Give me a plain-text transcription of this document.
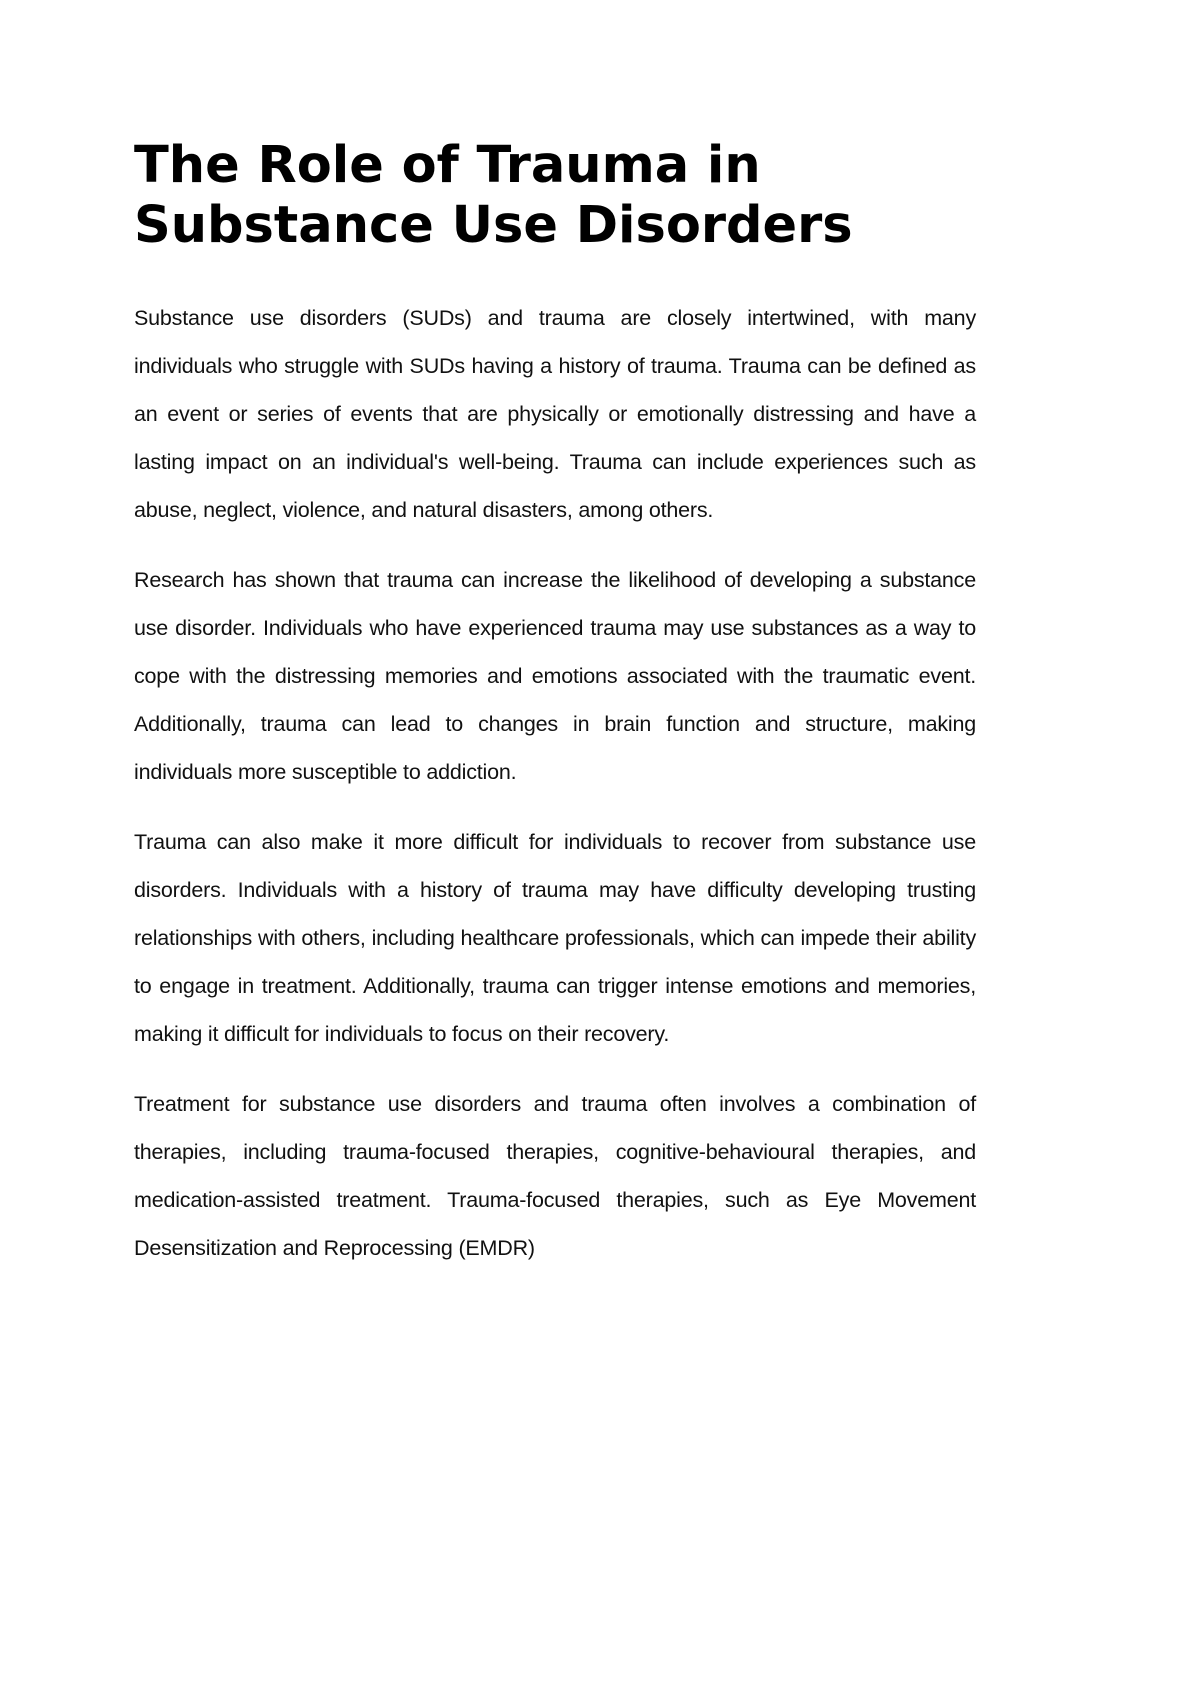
The Role of Trauma in Substance Use Disorders

Substance use disorders (SUDs) and trauma are closely intertwined, with many individuals who struggle with SUDs having a history of trauma. Trauma can be defined as an event or series of events that are physically or emotionally distressing and have a lasting impact on an individual's well-being. Trauma can include experiences such as abuse, neglect, violence, and natural disasters, among others.

Research has shown that trauma can increase the likelihood of developing a substance use disorder. Individuals who have experienced trauma may use substances as a way to cope with the distressing memories and emotions associated with the traumatic event. Additionally, trauma can lead to changes in brain function and structure, making individuals more susceptible to addiction.

Trauma can also make it more difficult for individuals to recover from substance use disorders. Individuals with a history of trauma may have difficulty developing trusting relationships with others, including healthcare professionals, which can impede their ability to engage in treatment. Additionally, trauma can trigger intense emotions and memories, making it difficult for individuals to focus on their recovery.

Treatment for substance use disorders and trauma often involves a combination of therapies, including trauma-focused therapies, cognitive-behavioural therapies, and medication-assisted treatment. Trauma-focused therapies, such as Eye Movement Desensitization and Reprocessing (EMDR)
